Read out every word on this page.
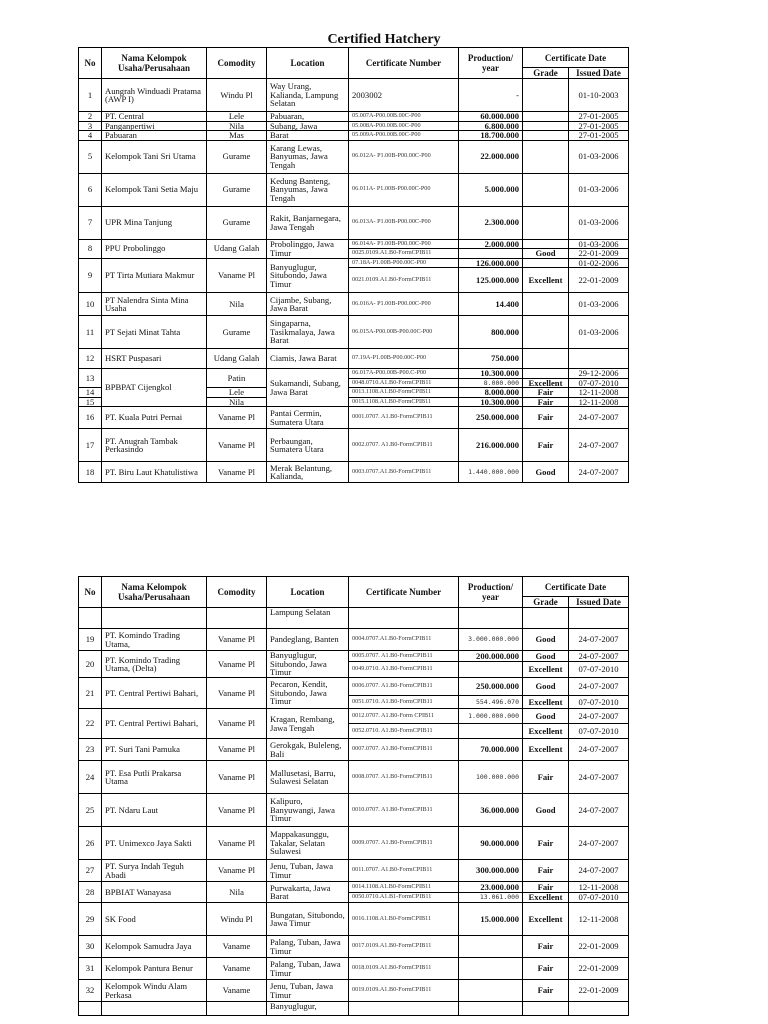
Certified Hatchery
No	Nama Kelompok Usaha/Perusahaan	Comodity	Location	Certificate Number	Production/ year	Certificate Date	
						Grade	Issued Date
1	Aungrah Winduadi Pratama (AWP I)	Windu Pl	Way Urang, Kalianda, Lampung Selatan	2003002	-		01-10-2003
2	PT. Central	Lele	Pabuaran,	05.007A-P00.00B.00C-P00	60.000.000		27-01-2005
3	Panganpertiwi	Nila	Subang, Jawa	05.008A-P00.00B.00C-P00	6.800.000		27-01-2005
4	Pabuaran	Mas	Barat	05.009A-P00.00B.00C-P00	18.700.000		27-01-2005
5	Kelompok Tani Sri Utama	Gurame	Karang Lewas, Banyumas, Jawa Tengah	06.012A- P1.00B-P00.00C-P00	22.000.000		01-03-2006
6	Kelompok Tani Setia Maju	Gurame	Kedung Banteng, Banyumas, Jawa Tengah	06.011A- P1.00B-P00.00C-P00	5.000.000		01-03-2006
7	UPR Mina Tanjung	Gurame	Rakit, Banjarnegara, Jawa Tengah	06.013A- P1.00B-P00.00C-P00	2.300.000		01-03-2006
8	PPU Probolinggo	Udang Galah	Probolinggo, Jawa Timur	06.014A- P1.00B-P00.00C-P00	2.000.000		01-03-2006
				0025.0109.A1.B0-FormCPIB11		Good	22-01-2009
9	PT Tirta Mutiara Makmur	Vaname Pl	Banyuglugur, Situbondo, Jawa Timur	07.18A-P1.00B-P00.00C-P00	126.000.000		01-02-2006
				0021.0109.A1.B0-FormCPIB11	125.000.000	Excellent	22-01-2009
10	PT Nalendra Sinta Mina Usaha	Nila	Cijambe, Subang, Jawa Barat	06.016A- P1.00B-P00.00C-P00	14.400		01-03-2006
11	PT Sejati Minat Tahta	Gurame	Singaparna, Tasikmalaya, Jawa Barat	06.015A-P00.00B-P00.00C-P00	800.000		01-03-2006
12	HSRT Puspasari	Udang Galah	Ciamis, Jawa Barat	07.19A-P1.00B-P00.00C-P00	750.000		
13	BPBPAT Cijengkol	Patin	Sukamandi, Subang, Jawa Barat	06.017A-P00.00B-P00.C-P00	10.300.000		29-12-2006
				0048.0710.A1.B0-FormCPIB11	8.000.000	Excellent	07-07-2010
14		Lele		0013.1108.A1.B0-FormCPIB11	8.000.000	Fair	12-11-2008
15		Nila		0015.1108.A1.B0-FormCPIB11	10.300.000	Fair	12-11-2008
16	PT. Kuala Putri Pernai	Vaname Pl	Pantai Cermin, Sumatera Utara	0001.0707. A1.B0-FormCPIB11	250.000.000	Fair	24-07-2007
17	PT. Anugrah Tambak Perkasindo	Vaname Pl	Perbaungan, Sumatera Utara	0002.0707. A1.B0-FormCPIB11	216.000.000	Fair	24-07-2007
18	PT. Biru Laut Khatulistiwa	Vaname Pl	Merak Belantung, Kalianda,	0003.0707.A1.B0-FormCPIB11	1.440.000.000	Good	24-07-2007
No	Nama Kelompok Usaha/Perusahaan	Comodity	Location	Certificate Number	Production/ year	Certificate Date	
						Grade	Issued Date
			Lampung Selatan				
19	PT. Komindo Trading Utama,	Vaname Pl	Pandeglang, Banten	0004.0707.A1.B0-FormCPIB11	3.000.000.000	Good	24-07-2007
20	PT. Komindo Trading Utama, (Delta)	Vaname Pl	Banyuglugur, Situbondo, Jawa Timur	0005.0707. A1.B0-FormCPIB11	200.000.000	Good	24-07-2007
				0049.0710. A1.B0-FormCPIB11		Excellent	07-07-2010
21	PT. Central Pertiwi Bahari,	Vaname Pl	Pecaron, Kendit, Situbondo, Jawa Timur	0006.0707. A1.B0-FormCPIB11	250.000.000	Good	24-07-2007
				0051.0710. A1.B0-FormCPIB11	554.496.070	Excellent	07-07-2010
22	PT. Central Pertiwi Bahari,	Vaname Pl	Kragan, Rembang, Jawa Tengah	0012.0707. A1.B0-Form CPIB11	1.000.000.000	Good	24-07-2007
				0052.0710. A1.B0-FormCPIB11		Excellent	07-07-2010
23	PT. Suri Tani Pamuka	Vaname Pl	Gerokgak, Buleleng, Bali	0007.0707. A1.B0-FormCPIB11	70.000.000	Excellent	24-07-2007
24	PT. Esa Putli Prakarsa Utama	Vaname Pl	Mallusetasi, Barru, Sulawesi Selatan	0008.0707. A1.B0-FormCPIB11	100.000.000	Fair	24-07-2007
25	PT. Ndaru Laut	Vaname Pl	Kalipuro, Banyuwangi, Jawa Timur	0010.0707. A1.B0-FormCPIB11	36.000.000	Good	24-07-2007
26	PT. Unimexco Jaya Sakti	Vaname Pl	Mappakasunggu, Takalar, Selatan Sulawesi	0009.0707. A1.B0-FormCPIB11	90.000.000	Fair	24-07-2007
27	PT. Surya Indah Teguh Abadi	Vaname Pl	Jenu, Tuban, Jawa Timur	0011.0707. A1.B0-FormCPIB11	300.000.000	Fair	24-07-2007
28	BPBIAT Wanayasa	Nila	Purwakarta, Jawa Barat	0014.1108.A1.B0-FormCPIB11	23.000.000	Fair	12-11-2008
				0050.0710.A1.B1-FormCPIB11	13.061.000	Excellent	07-07-2010
29	SK Food	Windu Pl	Bungatan, Situbondo, Jawa Timur	0016.1108.A1.B0-FormCPIB11	15.000.000	Excellent	12-11-2008
30	Kelompok Samudra Jaya	Vaname	Palang, Tuban, Jawa Timur	0017.0109.A1.B0-FormCPIB11		Fair	22-01-2009
31	Kelompok Pantura Benur	Vaname	Palang, Tuban, Jawa Timur	0018.0109.A1.B0-FormCPIB11		Fair	22-01-2009
32	Kelompok Windu Alam Perkasa	Vaname	Jenu, Tuban, Jawa Timur	0019.0109.A1.B0-FormCPIB11		Fair	22-01-2009
			Banyuglugur,				
